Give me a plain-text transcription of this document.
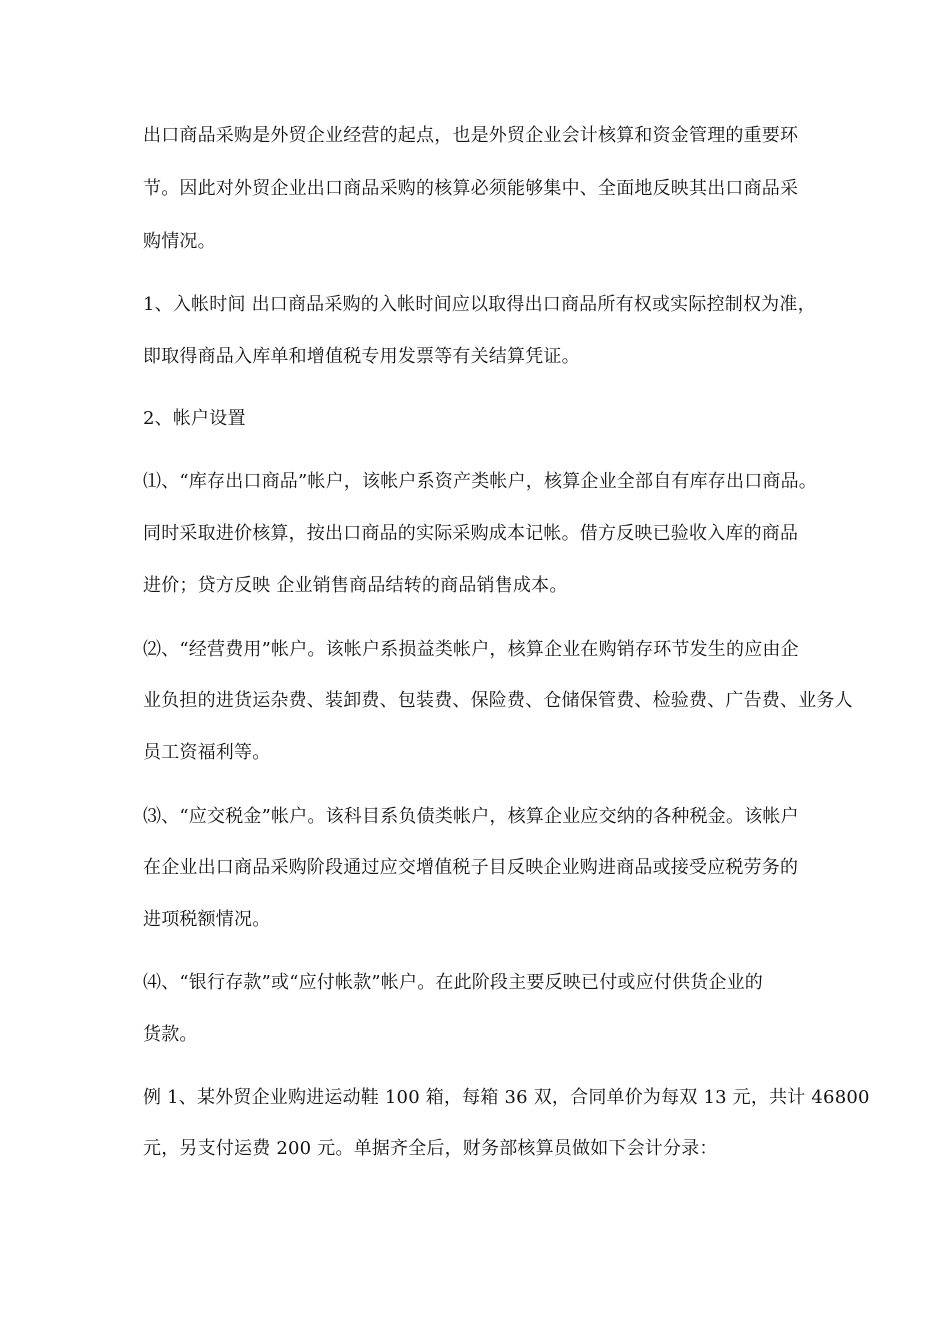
出口商品采购是外贸企业经营的起点，也是外贸企业会计核算和资金管理的重要环
节。因此对外贸企业出口商品采购的核算必须能够集中、全面地反映其出口商品采
购情况。
1、入帐时间 出口商品采购的入帐时间应以取得出口商品所有权或实际控制权为准，
即取得商品入库单和增值税专用发票等有关结算凭证。
2、帐户设置
⑴、“库存出口商品”帐户，该帐户系资产类帐户，核算企业全部自有库存出口商品。
同时采取进价核算，按出口商品的实际采购成本记帐。借方反映已验收入库的商品
进价；贷方反映 企业销售商品结转的商品销售成本。
⑵、“经营费用”帐户。该帐户系损益类帐户，核算企业在购销存环节发生的应由企
业负担的进货运杂费、装卸费、包装费、保险费、仓储保管费、检验费、广告费、业务人
员工资福利等。
⑶、“应交税金”帐户。该科目系负债类帐户，核算企业应交纳的各种税金。该帐户
在企业出口商品采购阶段通过应交增值税子目反映企业购进商品或接受应税劳务的
进项税额情况。
⑷、“银行存款”或“应付帐款”帐户。在此阶段主要反映已付或应付供货企业的
货款。
例 1、某外贸企业购进运动鞋 100 箱，每箱 36 双，合同单价为每双 13 元，共计 46800
元，另支付运费 200 元。单据齐全后，财务部核算员做如下会计分录：
